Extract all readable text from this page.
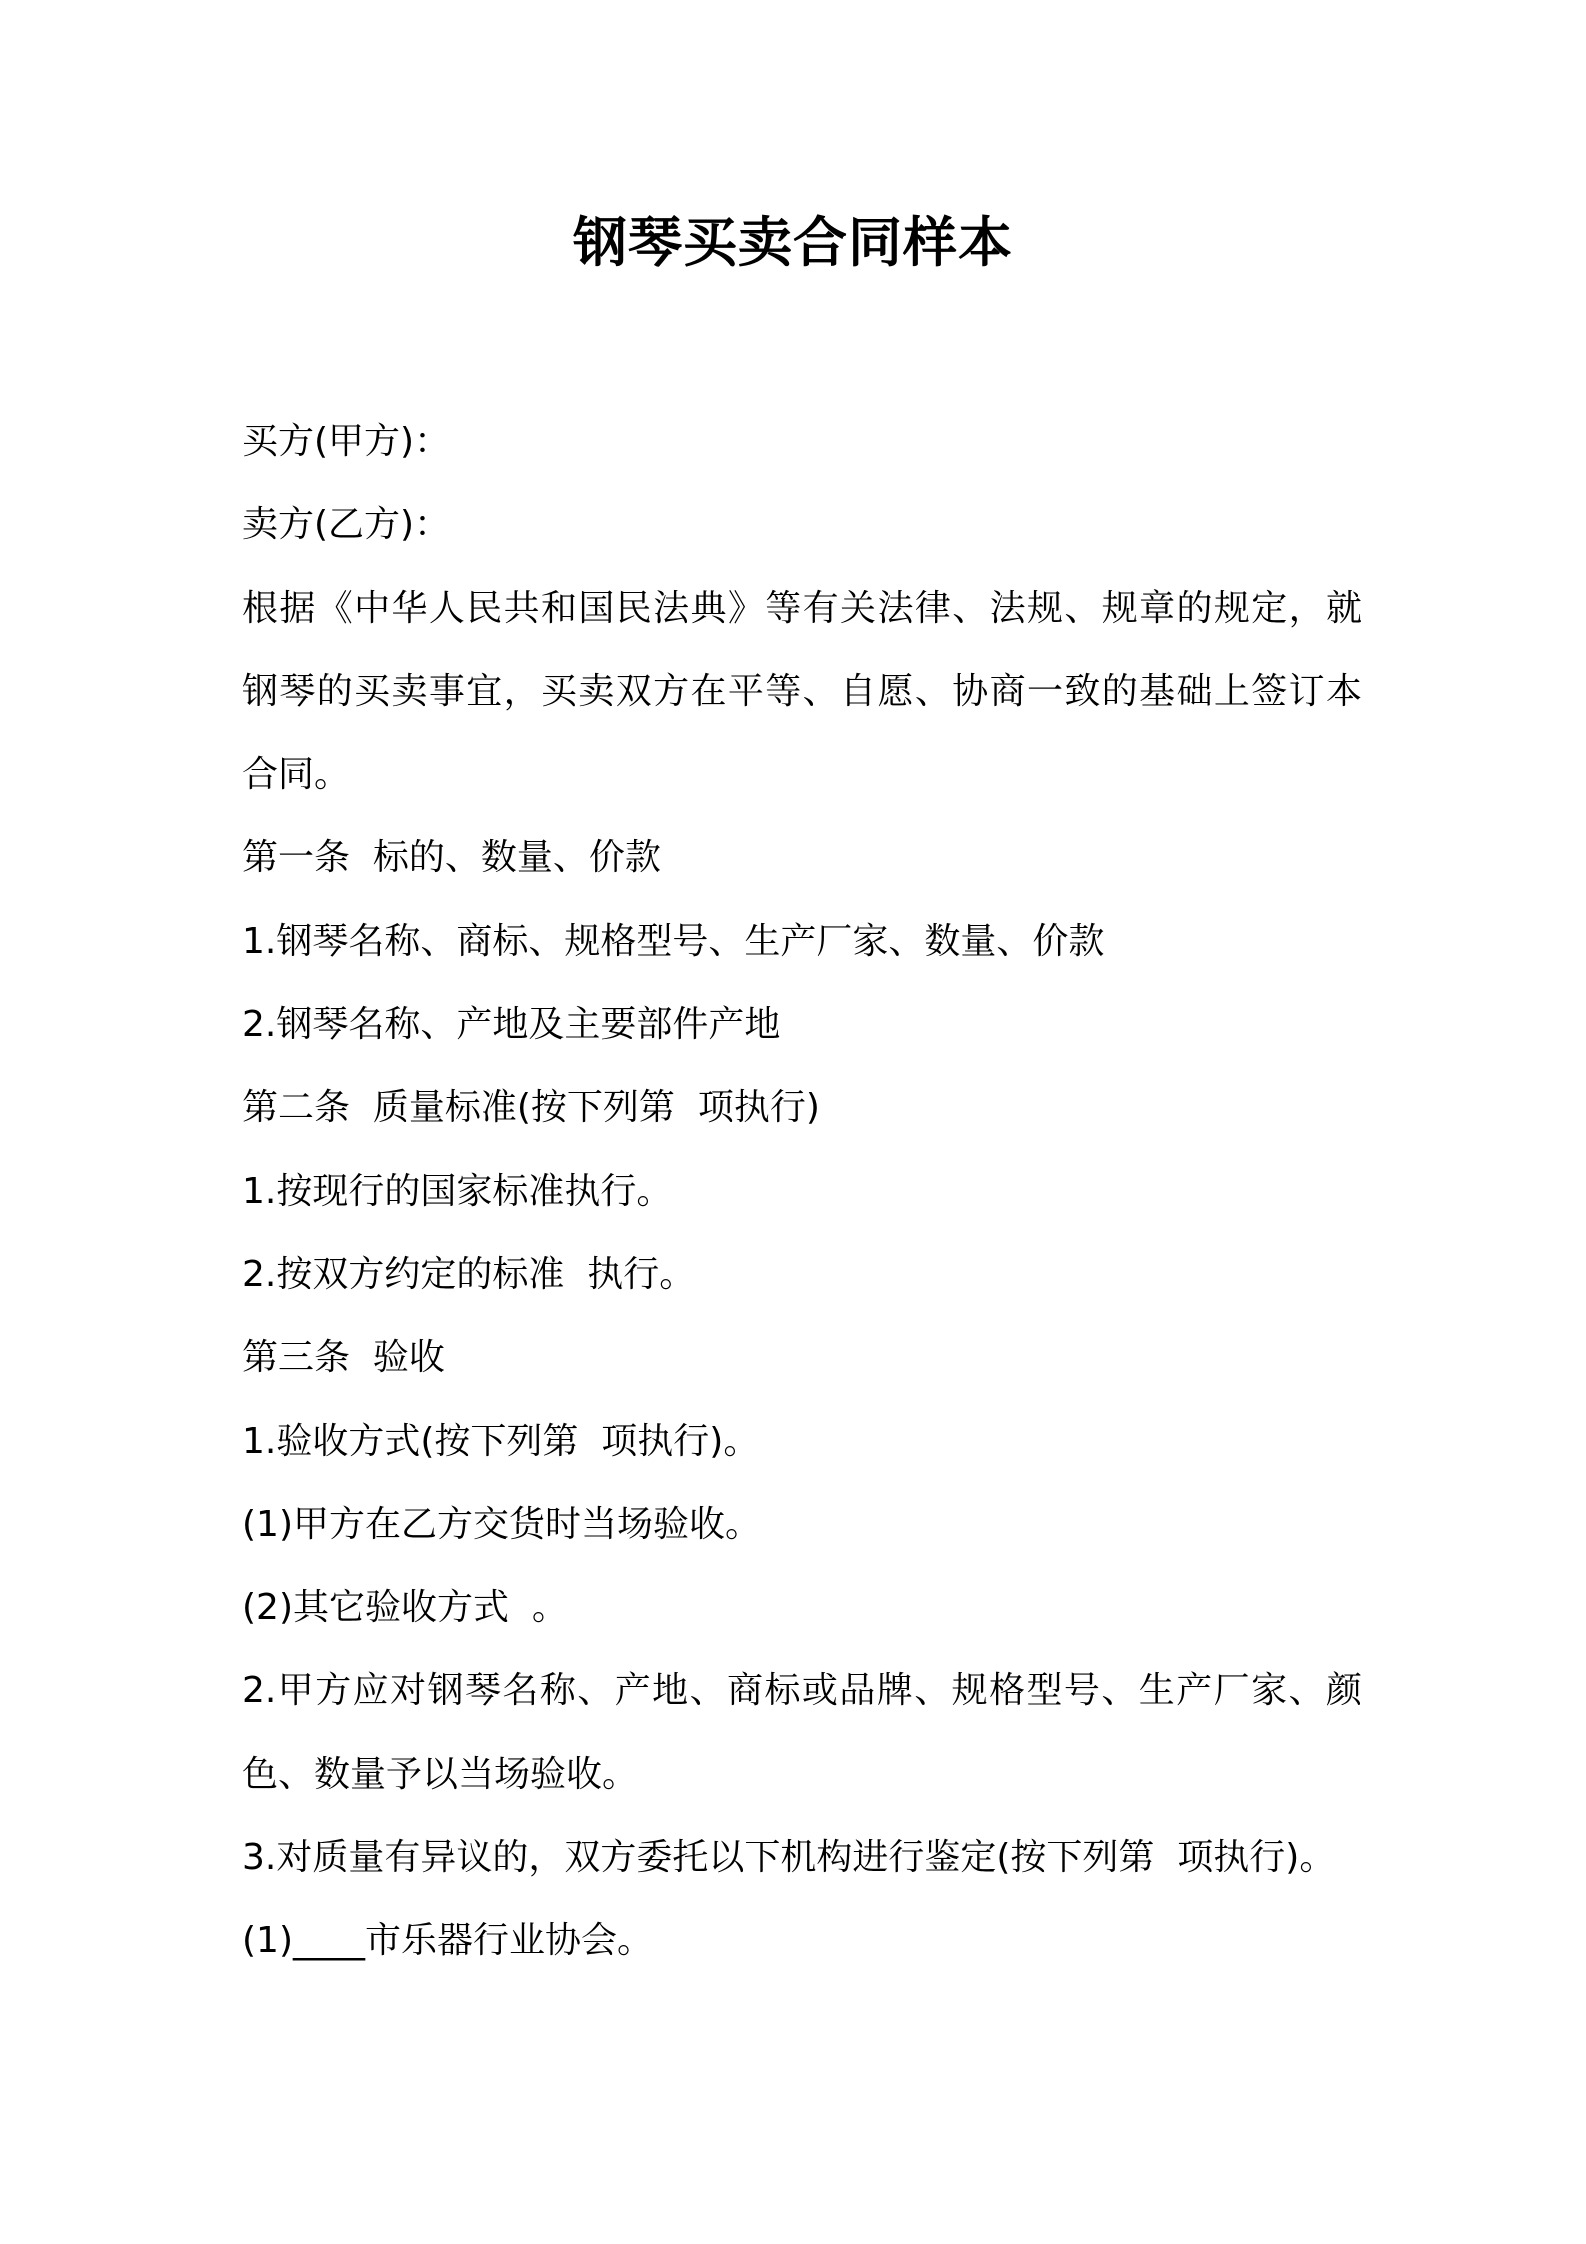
钢琴买卖合同样本

买方(甲方)：

卖方(乙方)：

根据《中华人民共和国民法典》等有关法律、法规、规章的规定，就

钢琴的买卖事宜，买卖双方在平等、自愿、协商一致的基础上签订本

合同。

第一条  标的、数量、价款

1.钢琴名称、商标、规格型号、生产厂家、数量、价款

2.钢琴名称、产地及主要部件产地

第二条  质量标准(按下列第  项执行)

1.按现行的国家标准执行。

2.按双方约定的标准  执行。

第三条  验收

1.验收方式(按下列第  项执行)。

(1)甲方在乙方交货时当场验收。

(2)其它验收方式  。

2.甲方应对钢琴名称、产地、商标或品牌、规格型号、生产厂家、颜

色、数量予以当场验收。

3.对质量有异议的，双方委托以下机构进行鉴定(按下列第  项执行)。

(1)____市乐器行业协会。
